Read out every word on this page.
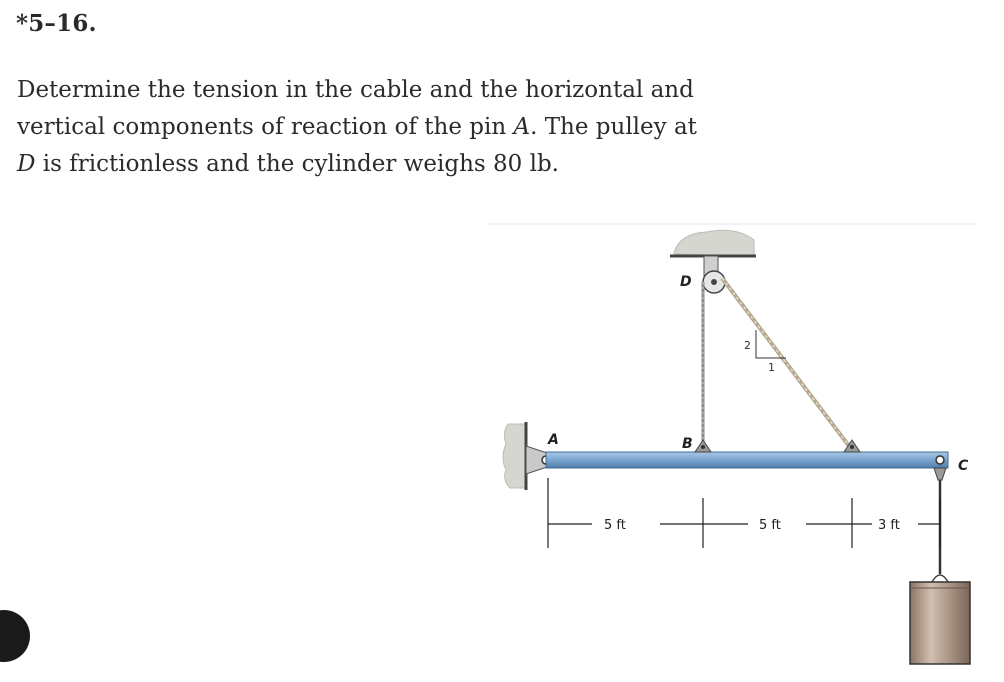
*5–16.

Determine the tension in the cable and the horizontal and

vertical components of reaction of the pin A. The pulley at

D is frictionless and the cylinder weighs 80 lb.

D
2
1
A	B
C
5 ft	5 ft	3 ft
